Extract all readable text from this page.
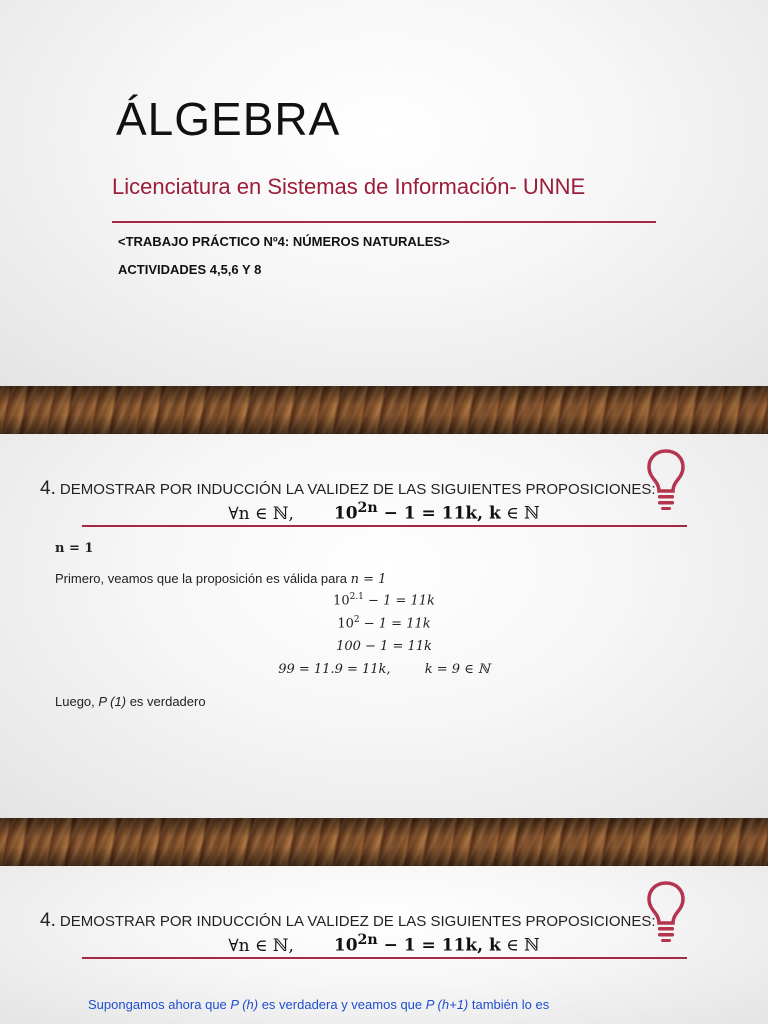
ÁLGEBRA

Licenciatura en Sistemas de Información- UNNE

<TRABAJO PRÁCTICO Nº4: NÚMEROS NATURALES>

ACTIVIDADES 4,5,6 Y 8

4. DEMOSTRAR POR INDUCCIÓN LA VALIDEZ DE LAS SIGUIENTES PROPOSICIONES:

∀n ∈ ℕ, $10^{2n} - 1 = 11k$, k ∈ ℕ

n = 1

Primero, veamos que la proposición es válida para n = 1

$10^{2.1} - 1 = 11k$

$10^2 - 1 = 11k$

100 − 1 = 11k

99 = 11.9 = 11k,	k = 9 ∈ ℕ

Luego, P (1) es verdadero

4. DEMOSTRAR POR INDUCCIÓN LA VALIDEZ DE LAS SIGUIENTES PROPOSICIONES:

∀n ∈ ℕ, $10^{2n} - 1 = 11k$, k ∈ ℕ

Supongamos ahora que P (h) es verdadera y veamos que P (h+1) también lo es
